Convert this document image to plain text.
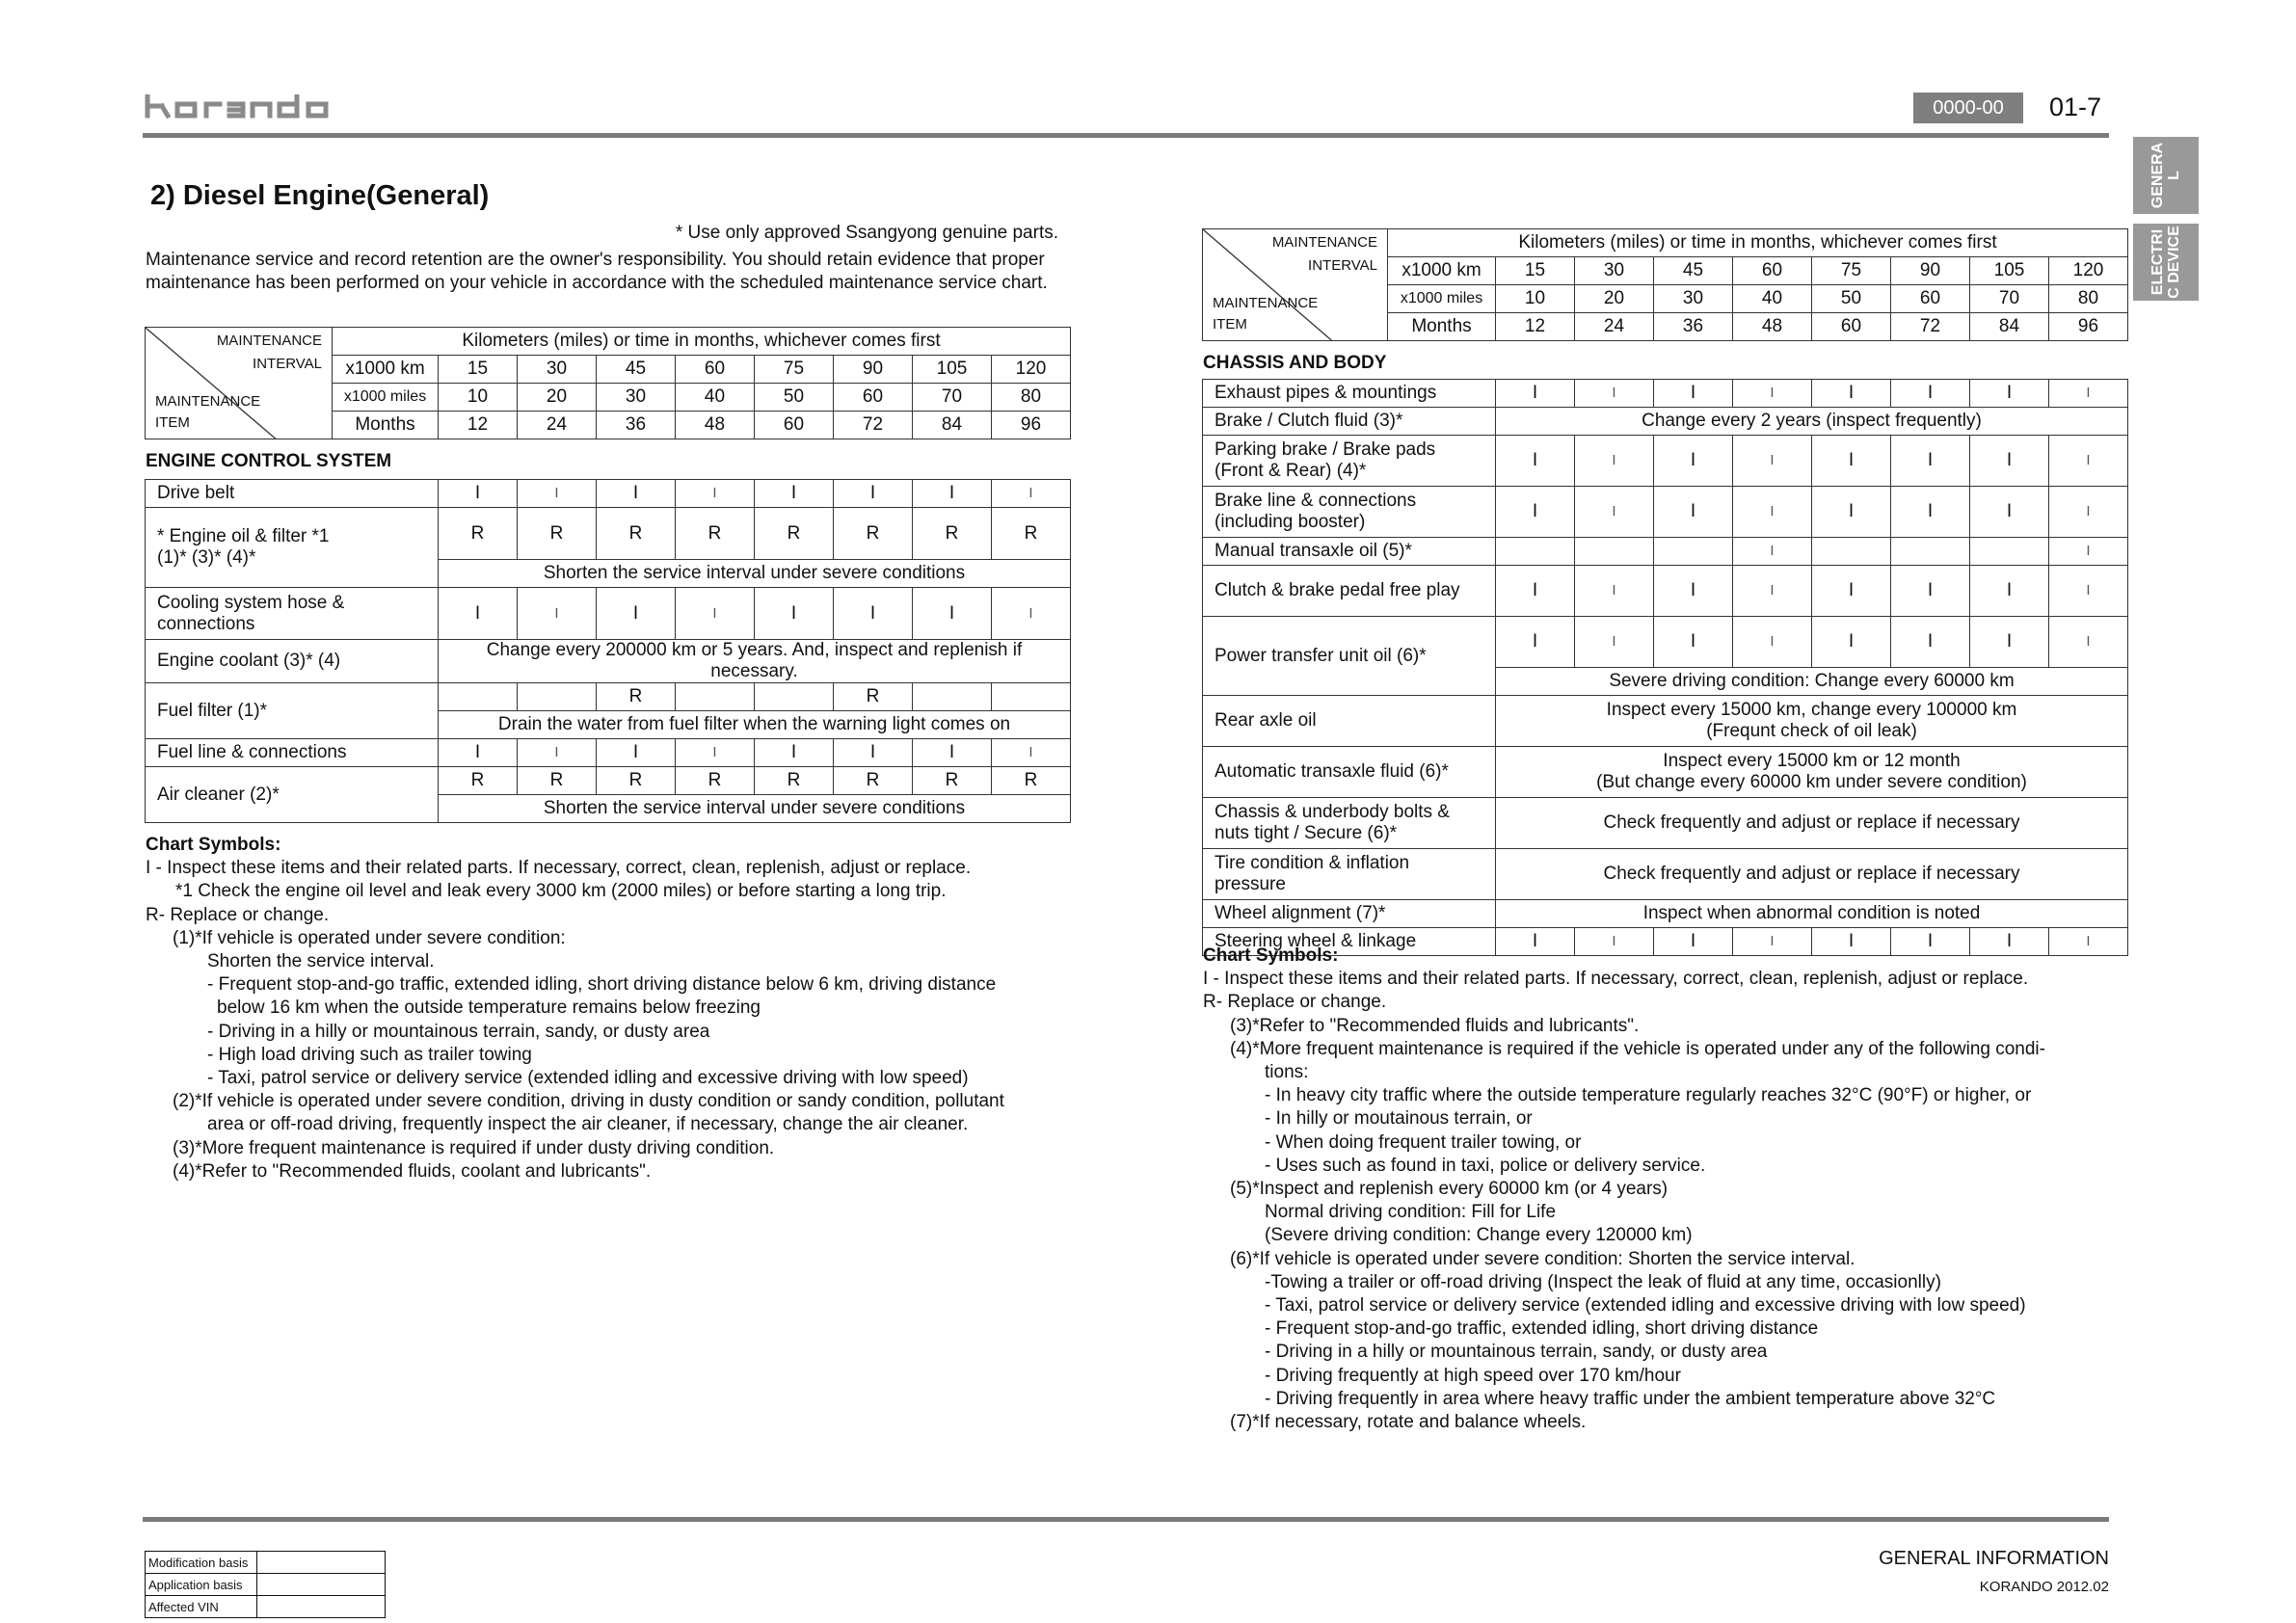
0000-00	01-7
GENERA
L
ELECTRI
C DEVICE
2) Diesel Engine(General)
* Use only approved Ssangyong genuine parts.
Maintenance service and record retention are the owner's responsibility. You should retain evidence that proper maintenance has been performed on your vehicle in accordance with the scheduled maintenance service chart.
MAINTENANCE
INTERVAL
MAINTENANCE
ITEM	Kilometers (miles) or time in months, whichever comes first								
	x1000 km	15	30	45	60	75	90	105	120
	x1000 miles	10	20	30	40	50	60	70	80
	Months	12	24	36	48	60	72	84	96

ENGINE CONTROL SYSTEM
Drive belt	I	I	I	I	I	I	I	I
* Engine oil & filter *1
(1)* (3)* (4)*	R	R	R	R	R	R	R	R
	Shorten the service interval under severe conditions							
Cooling system hose & connections	I	I	I	I	I	I	I	I
Engine coolant (3)* (4)	Change every 200000 km or 5 years. And, inspect and replenish if necessary.							
Fuel filter (1)*			R			R		
	Drain the water from fuel filter when the warning light comes on							
Fuel line & connections	I	I	I	I	I	I	I	I
Air cleaner (2)*	R	R	R	R	R	R	R	R
	Shorten the service interval under severe conditions							
Chart Symbols:
I - Inspect these items and their related parts. If necessary, correct, clean, replenish, adjust or replace.
*1 Check the engine oil level and leak every 3000 km (2000 miles) or before starting a long trip.
R- Replace or change.
(1)*If vehicle is operated under severe condition:
Shorten the service interval.
- Frequent stop-and-go traffic, extended idling, short driving distance below 6 km, driving distance
below 16 km when the outside temperature remains below freezing
- Driving in a hilly or mountainous terrain, sandy, or dusty area
- High load driving such as trailer towing
- Taxi, patrol service or delivery service (extended idling and excessive driving with low speed)
(2)*If vehicle is operated under severe condition, driving in dusty condition or sandy condition, pollutant
area or off-road driving, frequently inspect the air cleaner, if necessary, change the air cleaner.
(3)*More frequent maintenance is required if under dusty driving condition.
(4)*Refer to "Recommended fluids, coolant and lubricants".
MAINTENANCE
INTERVAL
MAINTENANCE
ITEM	Kilometers (miles) or time in months, whichever comes first								
	x1000 km	15	30	45	60	75	90	105	120
	x1000 miles	10	20	30	40	50	60	70	80
	Months	12	24	36	48	60	72	84	96

CHASSIS AND BODY
Exhaust pipes & mountings	I	I	I	I	I	I	I	I
Brake / Clutch fluid (3)*	Change every 2 years (inspect frequently)							
Parking brake / Brake pads
(Front & Rear) (4)*	I	I	I	I	I	I	I	I
Brake line & connections
(including booster)	I	I	I	I	I	I	I	I
Manual transaxle oil (5)*				I				I
Clutch & brake pedal free play	I	I	I	I	I	I	I	I
Power transfer unit oil (6)*	I	I	I	I	I	I	I	I
	Severe driving condition: Change every 60000 km							
Rear axle oil	Inspect every 15000 km, change every 100000 km
(Frequnt check of oil leak)							
Automatic transaxle fluid (6)*	Inspect every 15000 km or 12 month
(But change every 60000 km under severe condition)							
Chassis & underbody bolts &
nuts tight / Secure (6)*	Check frequently and adjust or replace if necessary							
Tire condition & inflation
pressure	Check frequently and adjust or replace if necessary							
Wheel alignment (7)*	Inspect when abnormal condition is noted							
Steering wheel & linkage	I	I	I	I	I	I	I	I
Chart Symbols:
I - Inspect these items and their related parts. If necessary, correct, clean, replenish, adjust or replace.
R- Replace or change.
(3)*Refer to "Recommended fluids and lubricants".
(4)*More frequent maintenance is required if the vehicle is operated under any of the following condi-
tions:
- In heavy city traffic where the outside temperature regularly reaches 32°C (90°F) or higher, or
- In hilly or moutainous terrain, or
- When doing frequent trailer towing, or
- Uses such as found in taxi, police or delivery service.
(5)*Inspect and replenish every 60000 km (or 4 years)
Normal driving condition: Fill for Life
(Severe driving condition: Change every 120000 km)
(6)*If vehicle is operated under severe condition: Shorten the service interval.
-Towing a trailer or off-road driving (Inspect the leak of fluid at any time, occasionlly)
- Taxi, patrol service or delivery service (extended idling and excessive driving with low speed)
- Frequent stop-and-go traffic, extended idling, short driving distance
- Driving in a hilly or mountainous terrain, sandy, or dusty area
- Driving frequently at high speed over 170 km/hour
- Driving frequently in area where heavy traffic under the ambient temperature above 32°C
(7)*If necessary, rotate and balance wheels.
Modification basis	
Application basis	
Affected VIN	
GENERAL INFORMATION
KORANDO 2012.02
